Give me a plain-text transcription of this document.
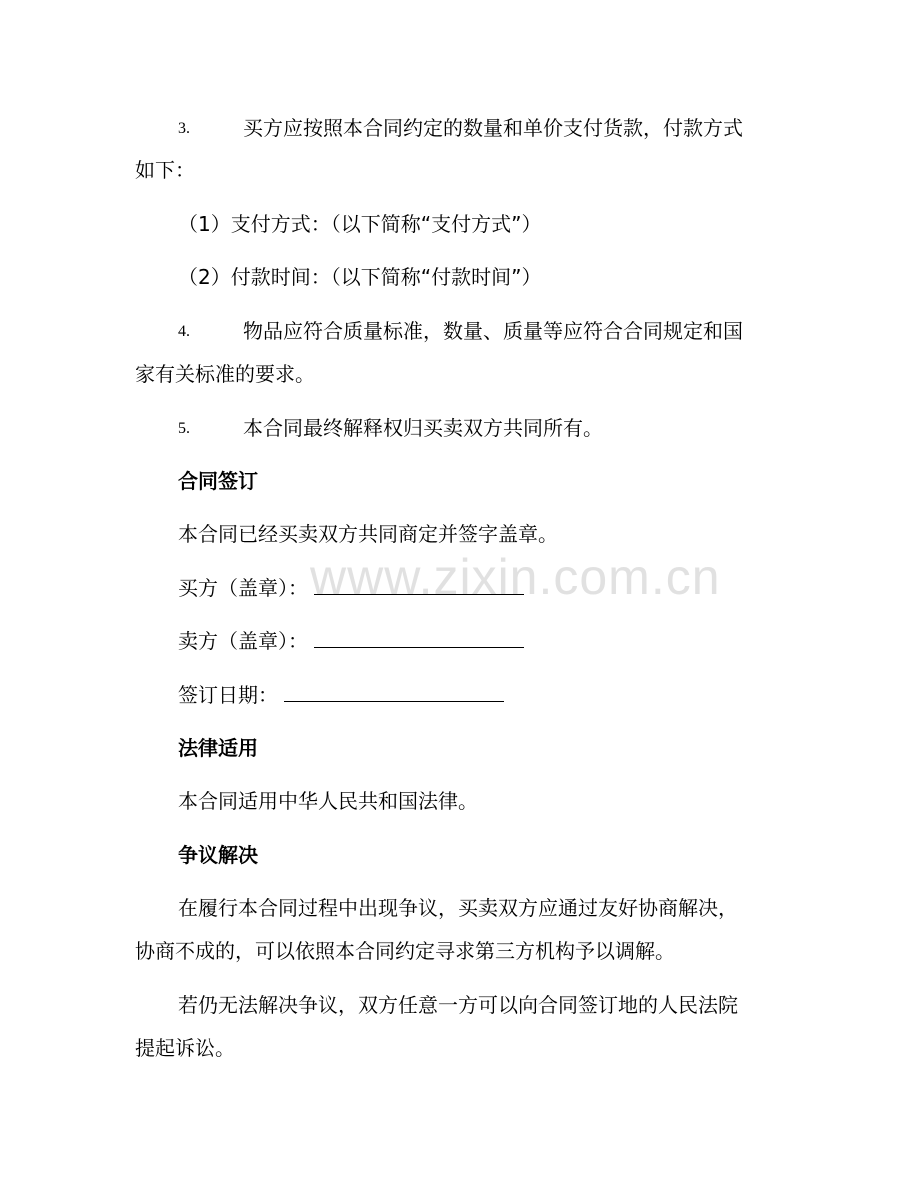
3.	买方应按照本合同约定的数量和单价支付货款，付款方式
如下：
（1）支付方式：（以下简称“支付方式”）
（2）付款时间：（以下简称“付款时间”）
4.	物品应符合质量标准，数量、质量等应符合合同规定和国
家有关标准的要求。
5.	本合同最终解释权归买卖双方共同所有。
合同签订
本合同已经买卖双方共同商定并签字盖章。
买方（盖章）：
卖方（盖章）：
签订日期：
法律适用
本合同适用中华人民共和国法律。
争议解决
在履行本合同过程中出现争议，买卖双方应通过友好协商解决，
协商不成的，可以依照本合同约定寻求第三方机构予以调解。
若仍无法解决争议，双方任意一方可以向合同签订地的人民法院
提起诉讼。
www.zixin.com.cn
